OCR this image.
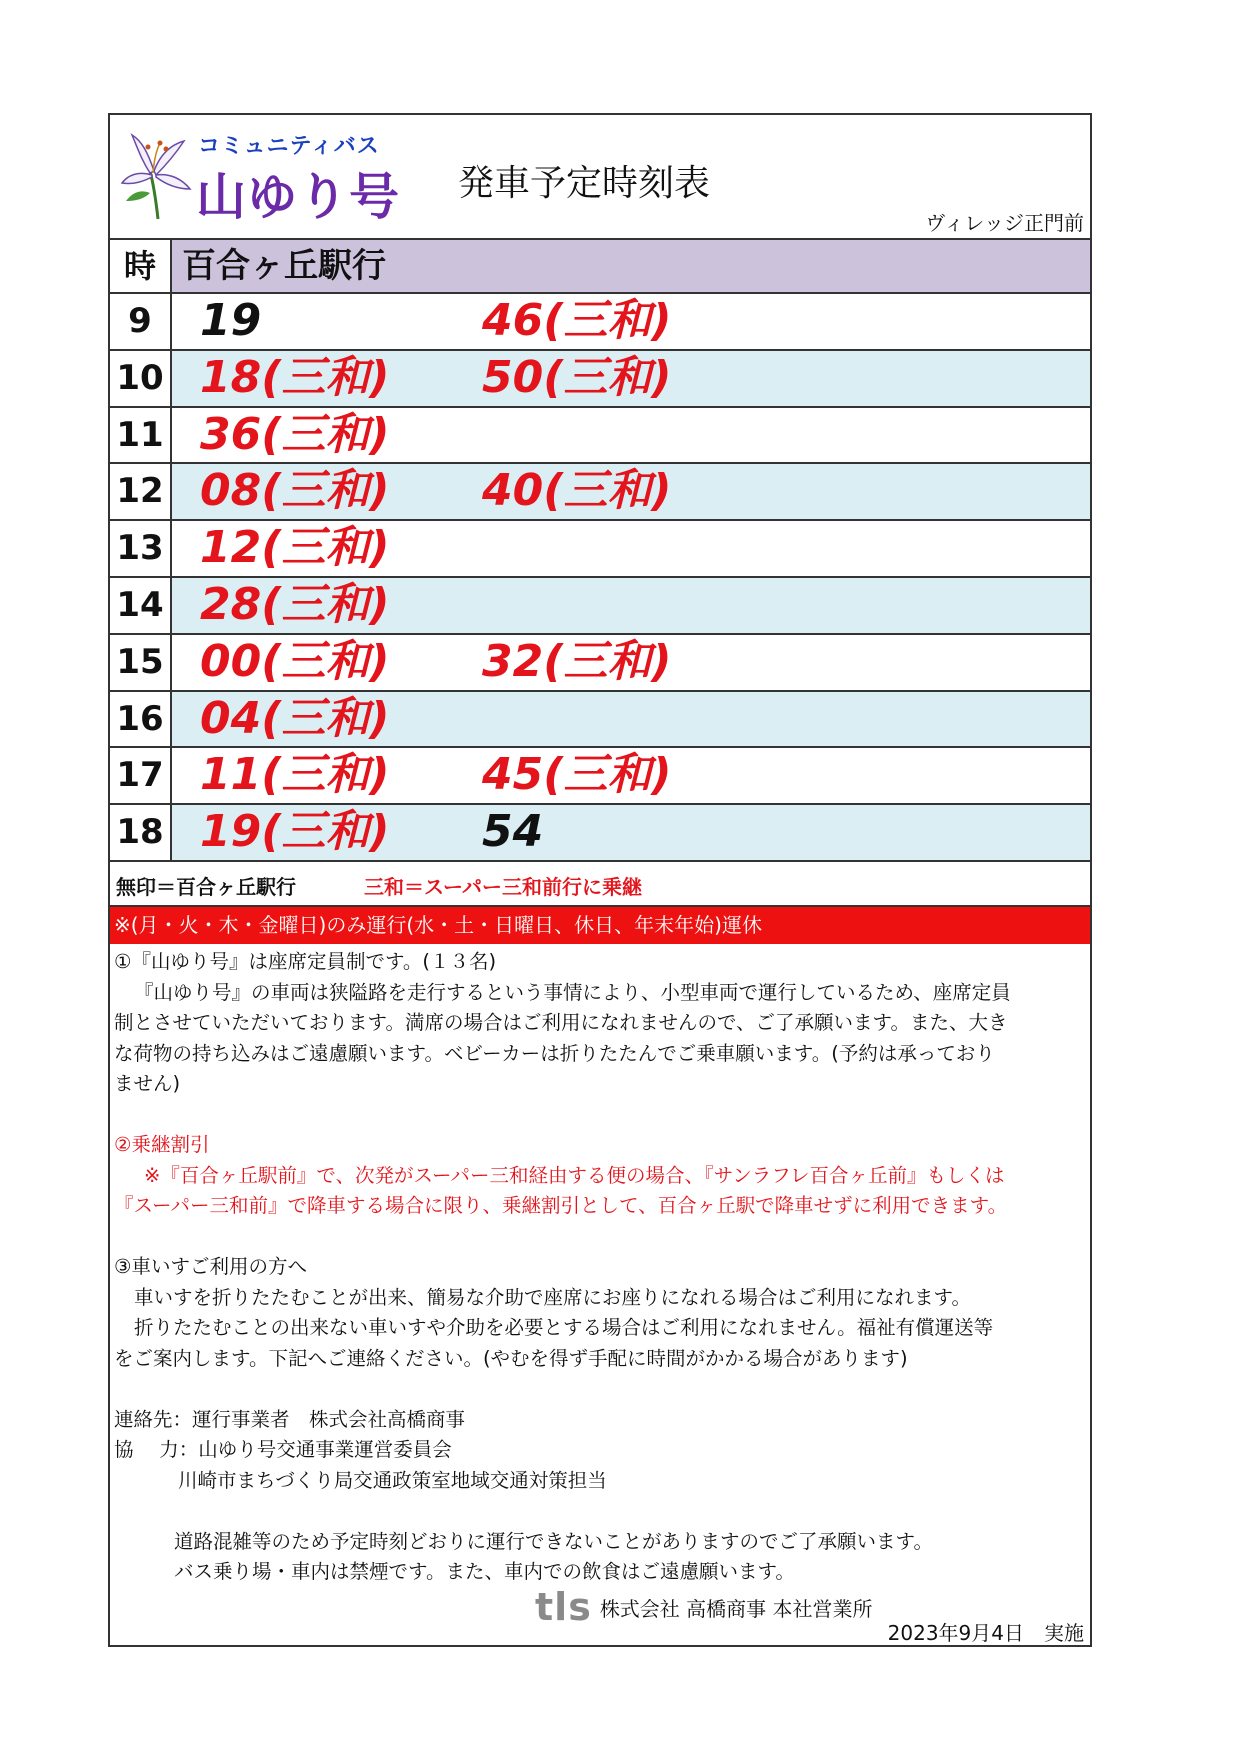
コミュニティバス
山ゆり号 発車予定時刻表
ヴィレッジ正門前
時 百合ヶ丘駅行
9	19	46(三和)
10 18(三和) 50(三和)
11 36(三和)
12 08(三和) 40(三和)
13 12(三和)
14 28(三和)
15 00(三和) 32(三和)
16 04(三和)
17 11(三和) 45(三和)
18 19(三和) 54
無印＝百合ヶ丘駅行	三和＝スーパー三和前行に乗継
※(月・火・木・金曜日)のみ運行(水・土・日曜日、休日、年末年始)運休

①『山ゆり号』は座席定員制です。(１３名)

『山ゆり号』の車両は狭隘路を走行するという事情により、小型車両で運行しているため、座席定員

制とさせていただいております。満席の場合はご利用になれませんので、ご了承願います。また、大き

な荷物の持ち込みはご遠慮願います。ベビーカーは折りたたんでご乗車願います。(予約は承っており

ません)

②乗継割引

※『百合ヶ丘駅前』で、次発がスーパー三和経由する便の場合、『サンラフレ百合ヶ丘前』もしくは

『スーパー三和前』で降車する場合に限り、乗継割引として、百合ヶ丘駅で降車せずに利用できます。

③車いすご利用の方へ

車いすを折りたたむことが出来、簡易な介助で座席にお座りになれる場合はご利用になれます。

折りたたむことの出来ない車いすや介助を必要とする場合はご利用になれません。福祉有償運送等

をご案内します。下記へご連絡ください。(やむを得ず手配に時間がかかる場合があります)

連絡先：運行事業者　株式会社高橋商事

協　 力：山ゆり号交通事業運営委員会

川崎市まちづくり局交通政策室地域交通対策担当

道路混雑等のため予定時刻どおりに運行できないことがありますのでご了承願います。

バス乗り場・車内は禁煙です。また、車内での飲食はご遠慮願います。

tls 株式会社 高橋商事 本社営業所
2023年9月4日　実施
